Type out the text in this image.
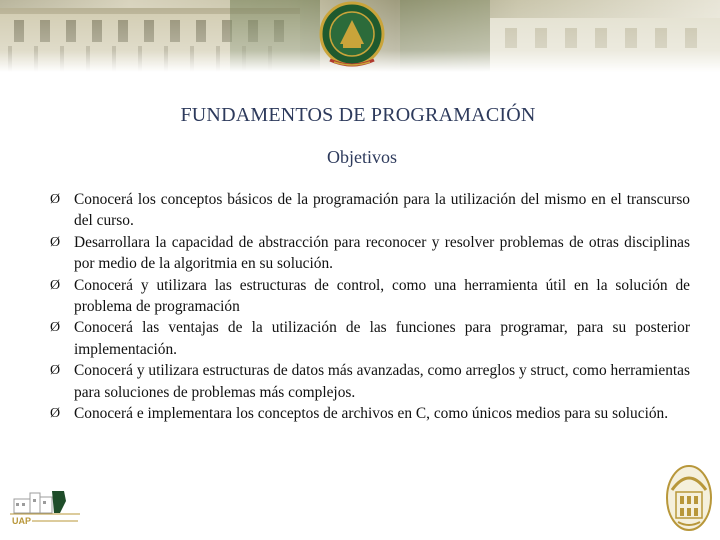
FUNDAMENTOS DE PROGRAMACIÓN
Objetivos
Ø Conocerá los conceptos básicos de la programación para la utilización del mismo en el transcurso del curso.
Ø Desarrollara la capacidad de abstracción para reconocer y resolver problemas de otras disciplinas por medio de la algoritmia en su solución.
Ø Conocerá y utilizara las estructuras de control, como una herramienta útil en la solución de problema de programación
Ø Conocerá las ventajas de la utilización de las funciones para programar, para su posterior implementación.
Ø Conocerá y utilizara estructuras de datos más avanzadas, como arreglos y struct, como herramientas para soluciones de problemas más complejos.
Ø Conocerá e implementara los conceptos de archivos en C, como únicos medios para su solución.
UAP
